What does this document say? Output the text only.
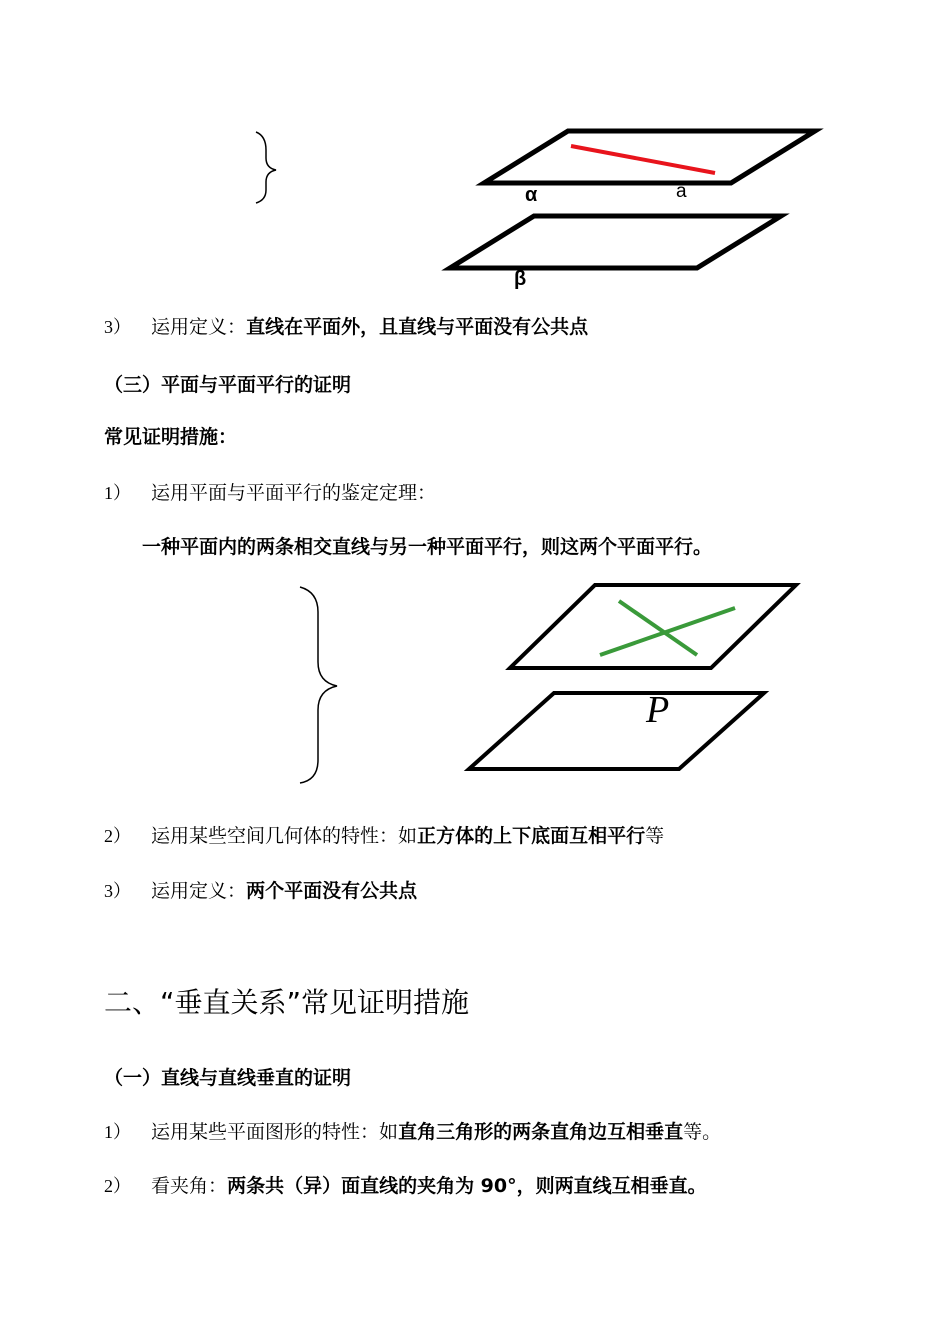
α	a
β
P
3） 运用定义：直线在平面外，且直线与平面没有公共点
（三）平面与平面平行的证明
常见证明措施：
1） 运用平面与平面平行的鉴定定理：
一种平面内的两条相交直线与另一种平面平行，则这两个平面平行。
2） 运用某些空间几何体的特性：如正方体的上下底面互相平行等
3） 运用定义：两个平面没有公共点
二、“垂直关系”常见证明措施
（一）直线与直线垂直的证明
1） 运用某些平面图形的特性：如直角三角形的两条直角边互相垂直等。
2） 看夹角：两条共（异）面直线的夹角为 90°，则两直线互相垂直。
